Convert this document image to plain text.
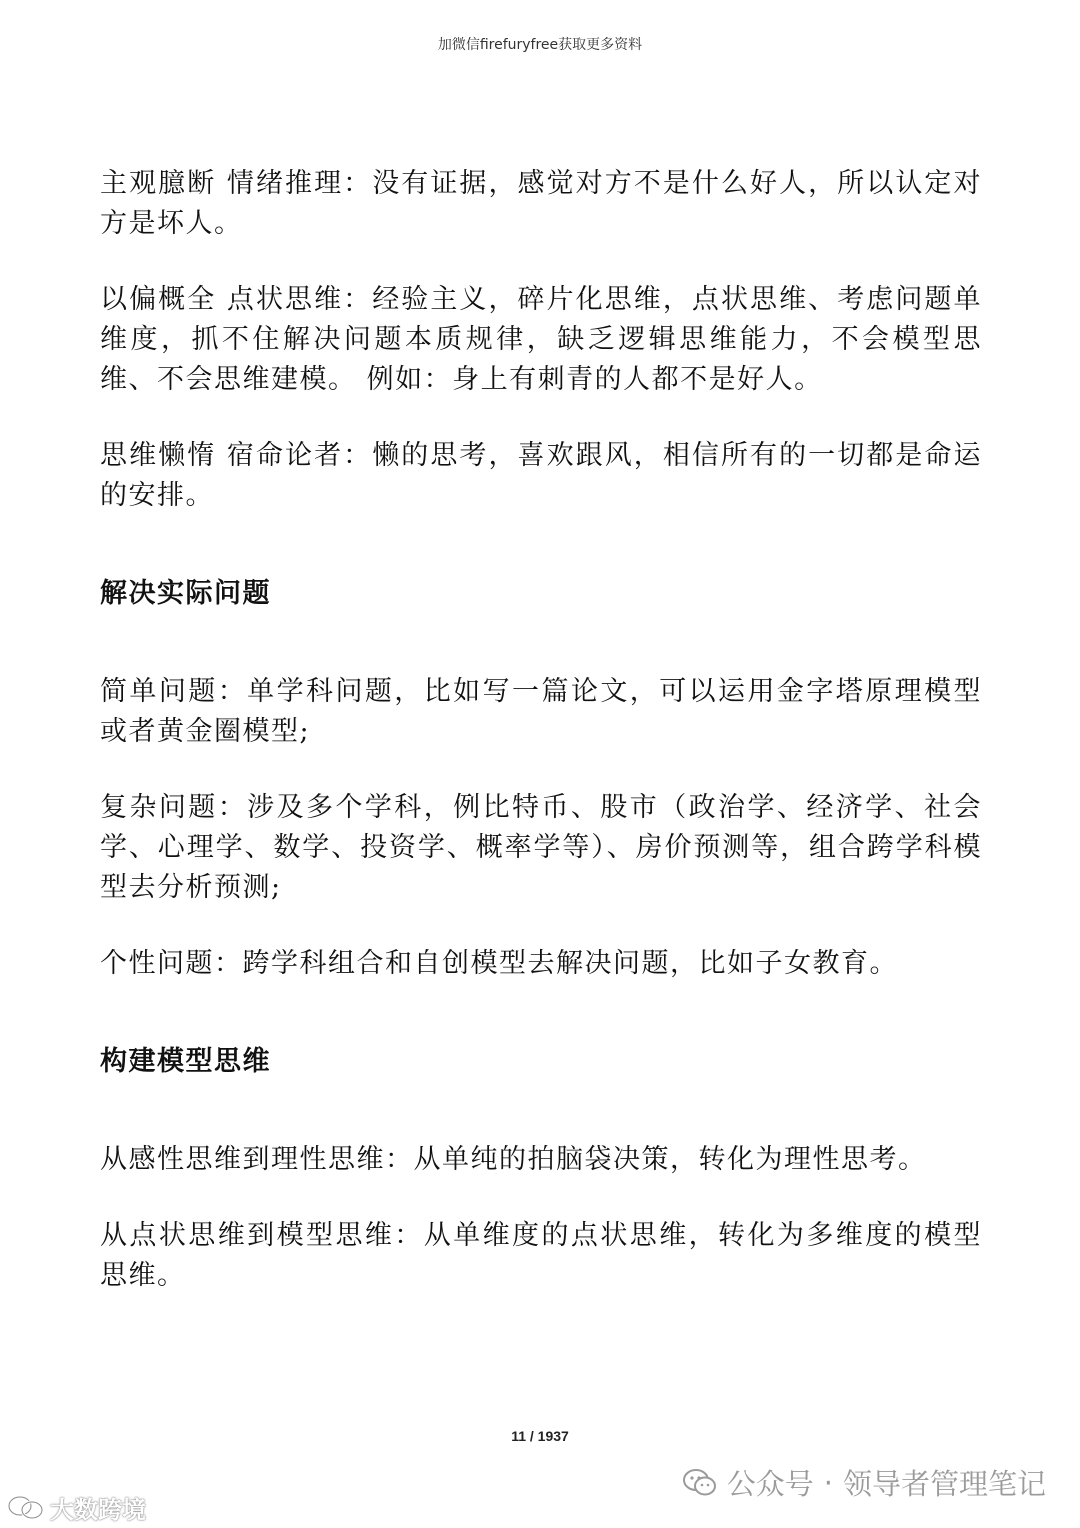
加微信firefuryfree获取更多资料

主观臆断 情绪推理：没有证据，感觉对方不是什么好人，所以认定对方是坏人。

以偏概全 点状思维：经验主义，碎片化思维，点状思维、考虑问题单维度，抓不住解决问题本质规律，缺乏逻辑思维能力，不会模型思维、不会思维建模。 例如：身上有刺青的人都不是好人。

思维懒惰 宿命论者：懒的思考，喜欢跟风，相信所有的一切都是命运的安排。

解决实际问题

简单问题：单学科问题，比如写一篇论文，可以运用金字塔原理模型或者黄金圈模型;

复杂问题：涉及多个学科，例比特币、股市（政治学、经济学、社会学、心理学、数学、投资学、概率学等）、房价预测等，组合跨学科模型去分析预测;

个性问题：跨学科组合和自创模型去解决问题，比如子女教育。

构建模型思维

从感性思维到理性思维：从单纯的拍脑袋决策，转化为理性思考。

从点状思维到模型思维：从单维度的点状思维，转化为多维度的模型思维。

11 / 1937
公众号 · 领导者管理笔记
大数跨境
